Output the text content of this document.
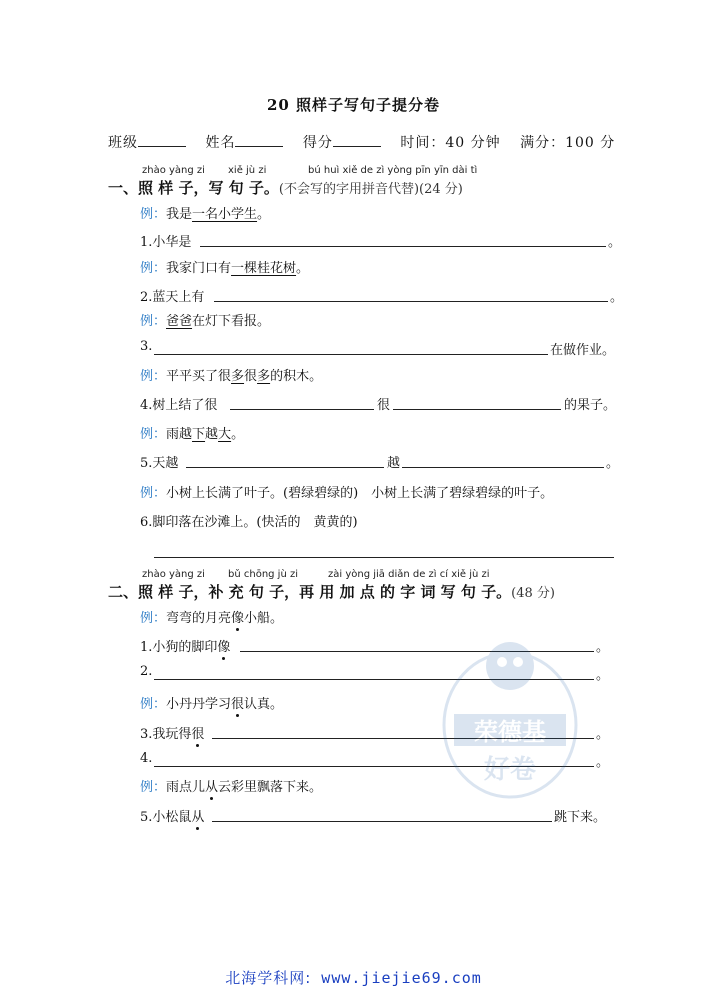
20 照样子写句子提分卷
班级	姓名	得分	时间：40 分钟 满分：100 分
zhào yàng zi xiě jù zi	bú huì xiě de zì yòng pīn yīn dài tì
一、照 样 子，写 句 子。(不会写的字用拼音代替)(24 分)
例：我是一名小学生。
1.小华是	。
例：我家门口有一棵桂花树。
2.蓝天上有	。
例：爸爸在灯下看报。
3.	在做作业。
例：平平买了很多很多的积木。
4.树上结了很	很	的果子。
例：雨越下越大。
5.天越	越	。
例：小树上长满了叶子。(碧绿碧绿的)　小树上长满了碧绿碧绿的叶子。
6.脚印落在沙滩上。(快活的　黄黄的)
zhào yàng zi bǔ chōng jù zi	zài yòng jiā diǎn de zì cí xiě jù zi
二、照 样 子，补 充 句 子，再 用 加 点 的 字 词 写 句 子。(48 分)
例：弯弯的月亮像小船。
1.小狗的脚印像	。
2.	。
例：小丹丹学习很认真。
3.我玩得很	。
4.	。
例：雨点儿从云彩里飘落下来。
5.小松鼠从	跳下来。
荣德基
好卷
北海学科网: www.jiejie69.com
